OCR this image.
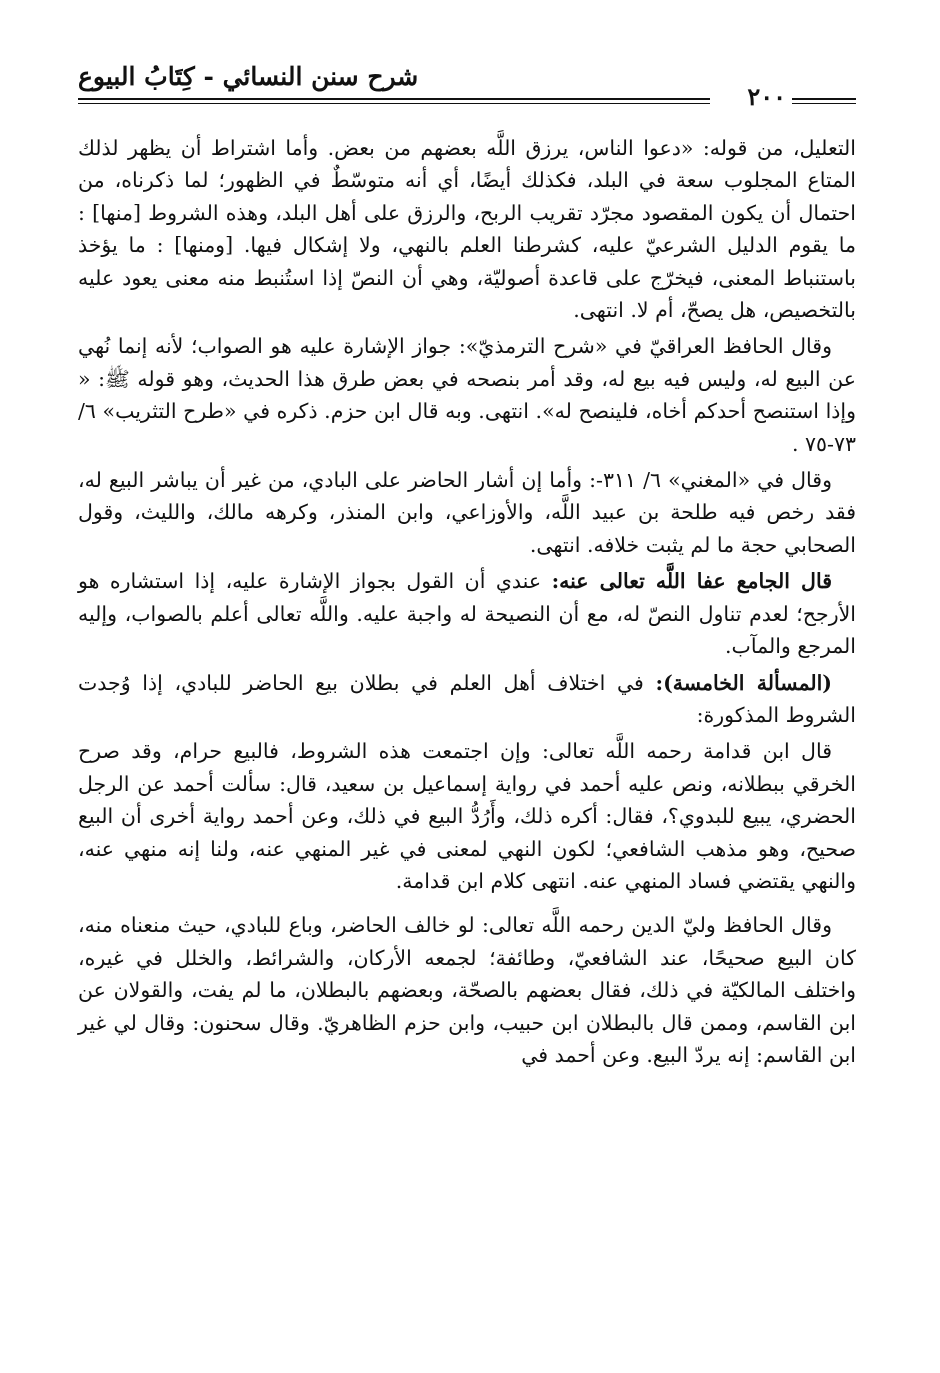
شرح سنن النسائي - كِتَابُ البيوع
٢٠٠

التعليل، من قوله: «دعوا الناس، يرزق اللَّه بعضهم من بعض. وأما اشتراط أن يظهر لذلك المتاع المجلوب سعة في البلد، فكذلك أيضًا، أي أنه متوسّطٌ في الظهور؛ لما ذكرناه، من احتمال أن يكون المقصود مجرّد تقريب الربح، والرزق على أهل البلد، وهذه الشروط [منها] : ما يقوم الدليل الشرعيّ عليه، كشرطنا العلم بالنهي، ولا إشكال فيها. [ومنها] : ما يؤخذ باستنباط المعنى، فيخرّج على قاعدة أصوليّة، وهي أن النصّ إذا استُنبط منه معنى يعود عليه بالتخصيص، هل يصحّ، أم لا. انتهى.

وقال الحافظ العراقيّ في «شرح الترمذيّ»: جواز الإشارة عليه هو الصواب؛ لأنه إنما نُهي عن البيع له، وليس فيه بيع له، وقد أمر بنصحه في بعض طرق هذا الحديث، وهو قوله ﷺ: « وإذا استنصح أحدكم أخاه، فلينصح له». انتهى. وبه قال ابن حزم. ذكره في «طرح التثريب» ٦/ ٧٣-٧٥ .

وقال في «المغني» ٦/ ٣١١-: وأما إن أشار الحاضر على البادي، من غير أن يباشر البيع له، فقد رخص فيه طلحة بن عبيد اللَّه، والأوزاعي، وابن المنذر، وكرهه مالك، والليث، وقول الصحابي حجة ما لم يثبت خلافه. انتهى.

قال الجامع عفا اللَّه تعالى عنه: عندي أن القول بجواز الإشارة عليه، إذا استشاره هو الأرجح؛ لعدم تناول النصّ له، مع أن النصيحة له واجبة عليه. واللَّه تعالى أعلم بالصواب، وإليه المرجع والمآب.

(المسألة الخامسة): في اختلاف أهل العلم في بطلان بيع الحاضر للبادي، إذا وُجدت الشروط المذكورة:

قال ابن قدامة رحمه اللَّه تعالى: وإن اجتمعت هذه الشروط، فالبيع حرام، وقد صرح الخرقي ببطلانه، ونص عليه أحمد في رواية إسماعيل بن سعيد، قال: سألت أحمد عن الرجل الحضري، يبيع للبدوي؟، فقال: أكره ذلك، وأَرُدُّ البيع في ذلك، وعن أحمد رواية أخرى أن البيع صحيح، وهو مذهب الشافعي؛ لكون النهي لمعنى في غير المنهي عنه، ولنا إنه منهي عنه، والنهي يقتضي فساد المنهي عنه. انتهى كلام ابن قدامة.

وقال الحافظ وليّ الدين رحمه اللَّه تعالى: لو خالف الحاضر، وباع للبادي، حيث منعناه منه، كان البيع صحيحًا، عند الشافعيّ، وطائفة؛ لجمعه الأركان، والشرائط، والخلل في غيره، واختلف المالكيّة في ذلك، فقال بعضهم بالصحّة، وبعضهم بالبطلان، ما لم يفت، والقولان عن ابن القاسم، وممن قال بالبطلان ابن حبيب، وابن حزم الظاهريّ. وقال سحنون: وقال لي غير ابن القاسم: إنه يردّ البيع. وعن أحمد في
